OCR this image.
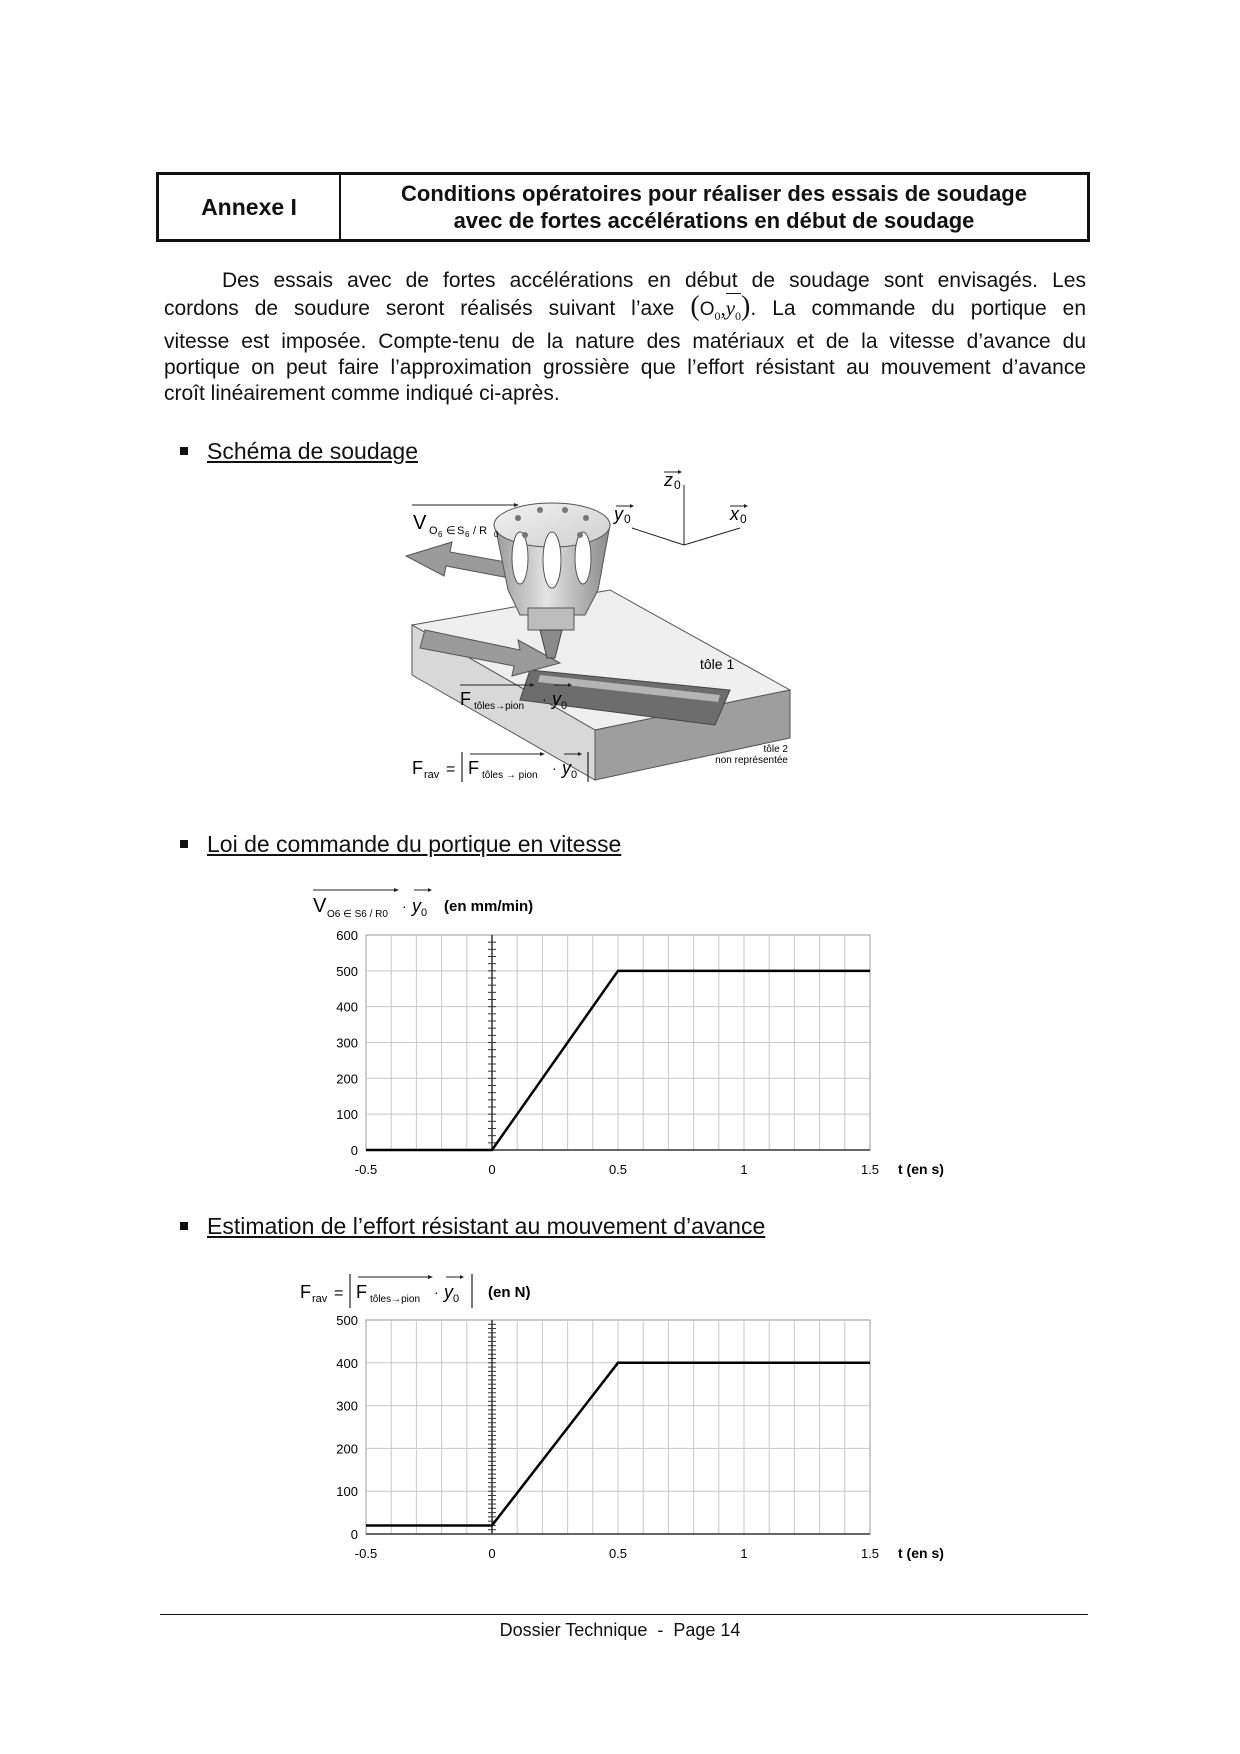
Annexe I	Conditions opératoires pour réaliser des essais de soudage
avec de fortes accélérations en début de soudage
Des essais avec de fortes accélérations en début de soudage sont envisagés. Les
cordons de soudure seront réalisés suivant l’axe ($O_0$,
$y_0$). La commande du portique en
vitesse est imposée. Compte-tenu de la nature des matériaux et de la vitesse d’avance du
portique on peut faire l’approximation grossière que l’effort résistant au mouvement d’avance
croît linéairement comme indiqué ci-après.
Schéma de soudage
z 0
y 0	x 0
tôle 1
tôle 2
non représentée
V O 6 ∈ S 6 / R 0
F tôles→pion · y 0
F rav = F tôles → pion · y 0
Loi de commande du portique en vitesse
V O6 ∈ S6 / R0
· y 0 (en mm/min)
0
100
200
300
400
500
600
-0.5	0	0.5	1	1.5 t (en s)
Estimation de l’effort résistant au mouvement d’avance
F rav = F tôles→pion · y 0 (en N)
0
100
200
300
400
500
-0.5	0	0.5	1	1.5 t (en s)
Dossier Technique  -  Page 14
